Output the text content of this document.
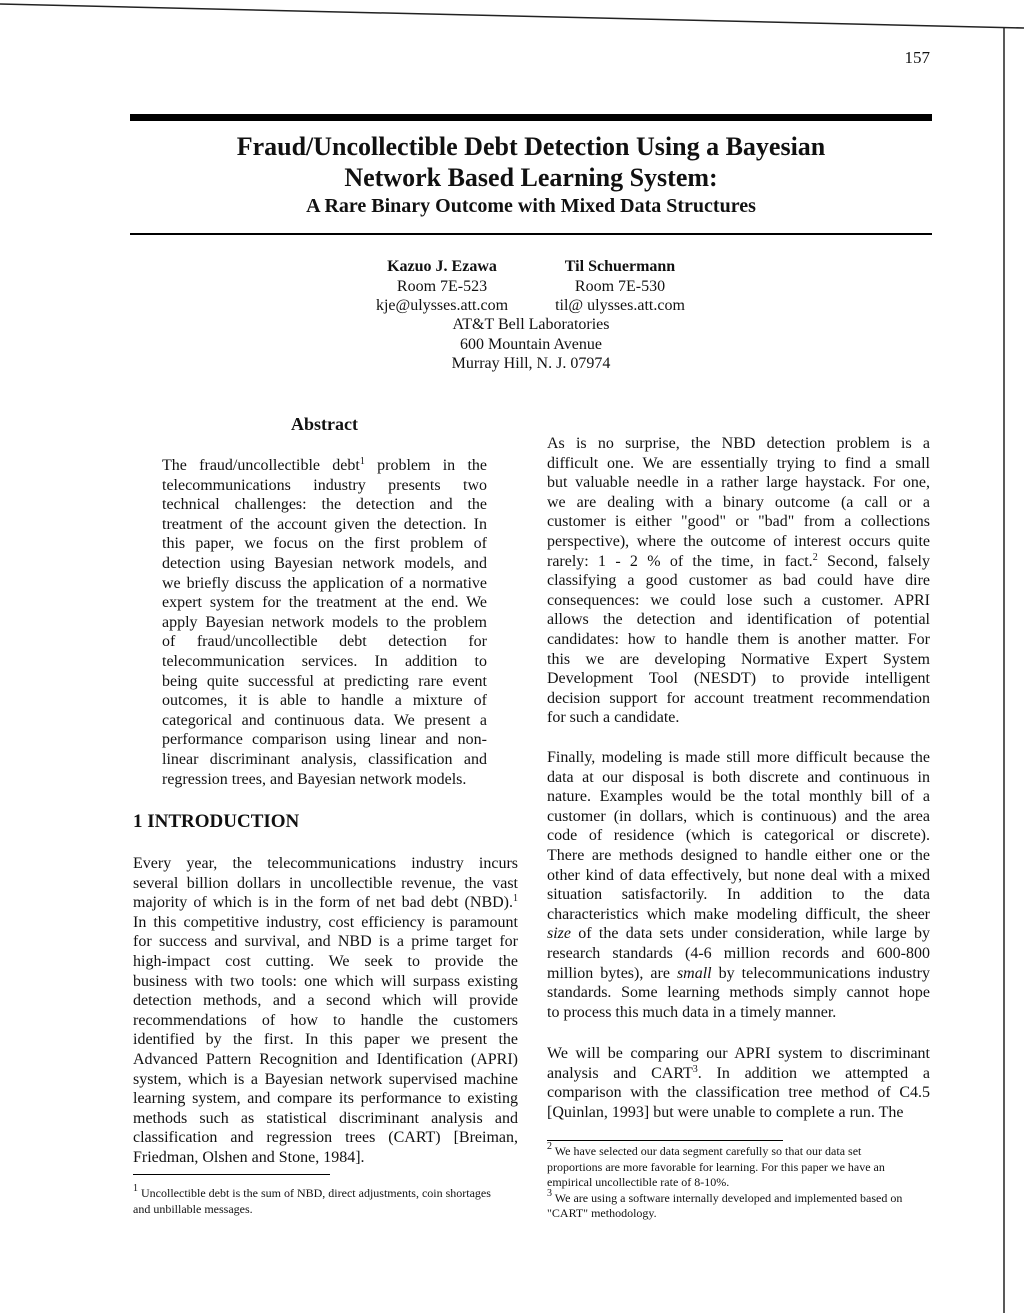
157
Fraud/Uncollectible Debt Detection Using a Bayesian
Network Based Learning System:
A Rare Binary Outcome with Mixed Data Structures
Kazuo J. Ezawa
Room 7E-523
kje@ulysses.att.com
Til Schuermann
Room 7E-530
til@ ulysses.att.com
AT&T Bell Laboratories
600 Mountain Avenue
Murray Hill, N. J. 07974
Abstract
The fraud/uncollectible debt$^1$ problem in the
telecommunications industry presents two
technical challenges: the detection and the
treatment of the account given the detection. In
this paper, we focus on the first problem of
detection using Bayesian network models, and
we briefly discuss the application of a normative
expert system for the treatment at the end. We
apply Bayesian network models to the problem
of fraud/uncollectible debt detection for
telecommunication services. In addition to
being quite successful at predicting rare event
outcomes, it is able to handle a mixture of
categorical and continuous data. We present a
performance comparison using linear and non-
linear discriminant analysis, classification and
regression trees, and Bayesian network models.
1 INTRODUCTION
Every year, the telecommunications industry incurs
several billion dollars in uncollectible revenue, the vast
majority of which is in the form of net bad debt (NBD).$^1$
In this competitive industry, cost efficiency is paramount
for success and survival, and NBD is a prime target for
high-impact cost cutting. We seek to provide the
business with two tools: one which will surpass existing
detection methods, and a second which will provide
recommendations of how to handle the customers
identified by the first. In this paper we present the
Advanced Pattern Recognition and Identification (APRI)
system, which is a Bayesian network supervised machine
learning system, and compare its performance to existing
methods such as statistical discriminant analysis and
classification and regression trees (CART) [Breiman,
Friedman, Olshen and Stone, 1984].
As is no surprise, the NBD detection problem is a
difficult one. We are essentially trying to find a small
but valuable needle in a rather large haystack. For one,
we are dealing with a binary outcome (a call or a
customer is either "good" or "bad" from a collections
perspective), where the outcome of interest occurs quite
rarely: 1 - 2 % of the time, in fact.$^2$ Second, falsely
classifying a good customer as bad could have dire
consequences: we could lose such a customer. APRI
allows the detection and identification of potential
candidates: how to handle them is another matter. For
this we are developing Normative Expert System
Development Tool (NESDT) to provide intelligent
decision support for account treatment recommendation
for such a candidate.
Finally, modeling is made still more difficult because the
data at our disposal is both discrete and continuous in
nature. Examples would be the total monthly bill of a
customer (in dollars, which is continuous) and the area
code of residence (which is categorical or discrete).
There are methods designed to handle either one or the
other kind of data effectively, but none deal with a mixed
situation satisfactorily. In addition to the data
characteristics which make modeling difficult, the sheer
size of the data sets under consideration, while large by
research standards (4-6 million records and 600-800
million bytes), are small by telecommunications industry
standards. Some learning methods simply cannot hope
to process this much data in a timely manner.
We will be comparing our APRI system to discriminant
analysis and CART$^3$. In addition we attempted a
comparison with the classification tree method of C4.5
[Quinlan, 1993] but were unable to complete a run. The
$^1$ Uncollectible debt is the sum of NBD, direct adjustments, coin shortages
and unbillable messages.
$^2$ We have selected our data segment carefully so that our data set
proportions are more favorable for learning. For this paper we have an
empirical uncollectible rate of 8-10%.
$^3$ We are using a software internally developed and implemented based on
"CART" methodology.
